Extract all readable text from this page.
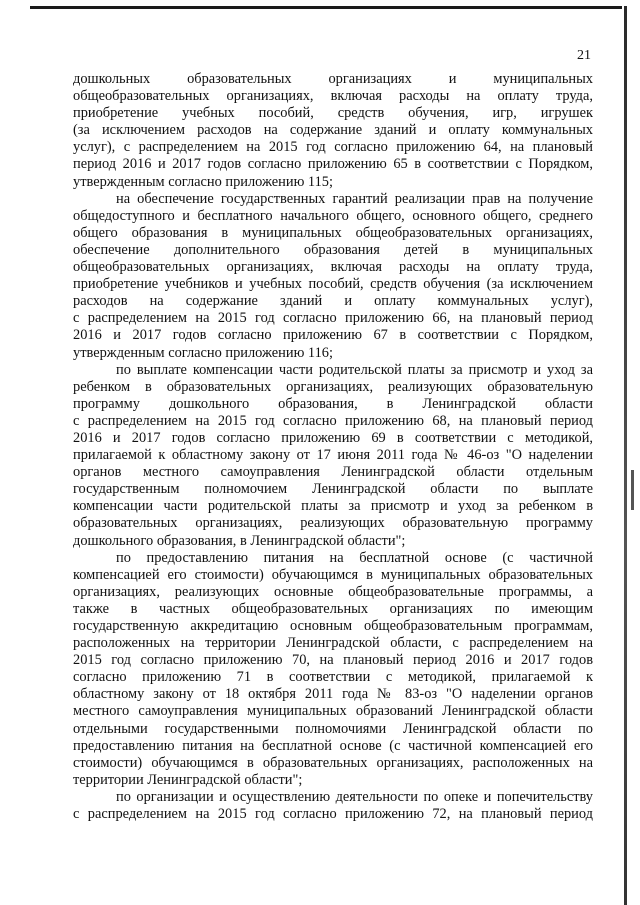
21
дошкольных образовательных организациях и муниципальных
общеобразовательных организациях, включая расходы на оплату труда,
приобретение учебных пособий, средств обучения, игр, игрушек
(за исключением расходов на содержание зданий и оплату коммунальных
услуг), с распределением на 2015 год согласно приложению 64, на плановый
период 2016 и 2017 годов согласно приложению 65 в соответствии с Порядком,
утвержденным согласно приложению 115;
на обеспечение государственных гарантий реализации прав на получение
общедоступного и бесплатного начального общего, основного общего, среднего
общего образования в муниципальных общеобразовательных организациях,
обеспечение дополнительного образования детей в муниципальных
общеобразовательных организациях, включая расходы на оплату труда,
приобретение учебников и учебных пособий, средств обучения (за исключением
расходов на содержание зданий и оплату коммунальных услуг),
с распределением на 2015 год согласно приложению 66, на плановый период
2016 и 2017 годов согласно приложению 67 в соответствии с Порядком,
утвержденным согласно приложению 116;
по выплате компенсации части родительской платы за присмотр и уход за
ребенком в образовательных организациях, реализующих образовательную
программу дошкольного образования, в Ленинградской области
с распределением на 2015 год согласно приложению 68, на плановый период
2016 и 2017 годов согласно приложению 69 в соответствии с методикой,
прилагаемой к областному закону от 17 июня 2011 года № 46-оз "О наделении
органов местного самоуправления Ленинградской области отдельным
государственным полномочием Ленинградской области по выплате
компенсации части родительской платы за присмотр и уход за ребенком в
образовательных организациях, реализующих образовательную программу
дошкольного образования, в Ленинградской области";
по предоставлению питания на бесплатной основе (с частичной
компенсацией его стоимости) обучающимся в муниципальных образовательных
организациях, реализующих основные общеобразовательные программы, а
также в частных общеобразовательных организациях по имеющим
государственную аккредитацию основным общеобразовательным программам,
расположенных на территории Ленинградской области, с распределением на
2015 год согласно приложению 70, на плановый период 2016 и 2017 годов
согласно приложению 71 в соответствии с методикой, прилагаемой к
областному закону от 18 октября 2011 года № 83-оз "О наделении органов
местного самоуправления муниципальных образований Ленинградской области
отдельными государственными полномочиями Ленинградской области по
предоставлению питания на бесплатной основе (с частичной компенсацией его
стоимости) обучающимся в образовательных организациях, расположенных на
территории Ленинградской области";
по организации и осуществлению деятельности по опеке и попечительству
с распределением на 2015 год согласно приложению 72, на плановый период
